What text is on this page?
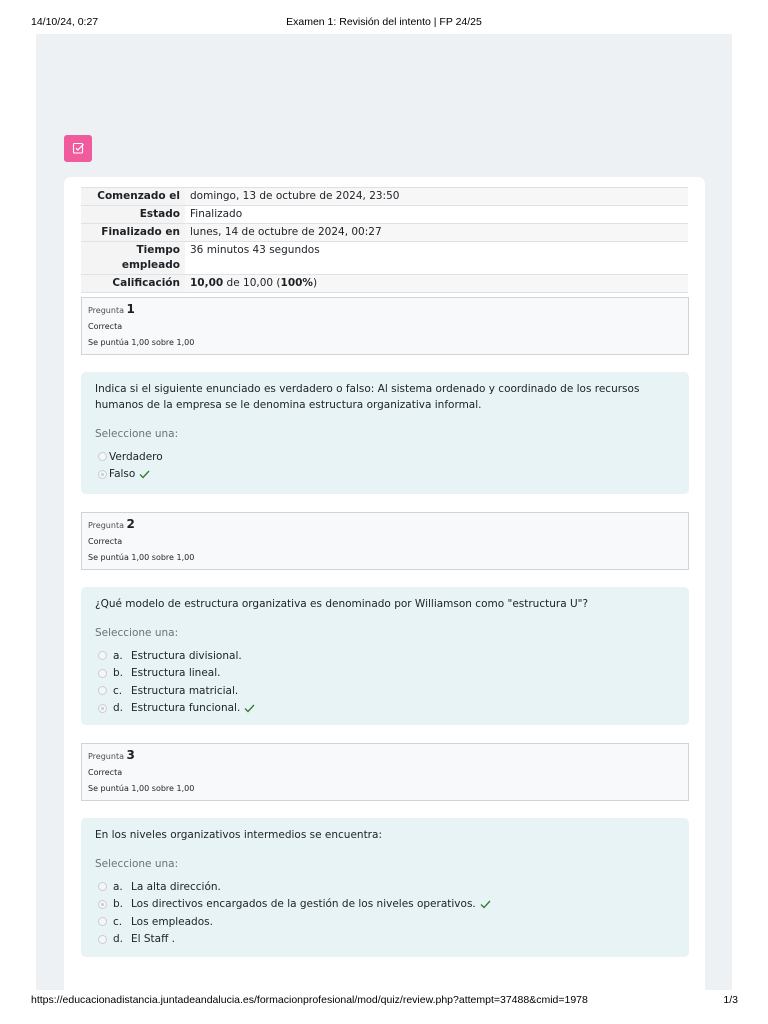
14/10/24, 0:27	Examen 1: Revisión del intento | FP 24/25
Comenzado el	domingo, 13 de octubre de 2024, 23:50
Estado	Finalizado
Finalizado en	lunes, 14 de octubre de 2024, 00:27
Tiempo empleado	36 minutos 43 segundos
Calificación	10,00 de 10,00 (100%)
Pregunta 1
Correcta
Se puntúa 1,00 sobre 1,00
Indica si el siguiente enunciado es verdadero o falso: Al sistema ordenado y coordinado de los recursos humanos de la empresa se le denomina estructura organizativa informal.
Seleccione una:
Verdadero
Falso
Pregunta 2
Correcta
Se puntúa 1,00 sobre 1,00
¿Qué modelo de estructura organizativa es denominado por Williamson como "estructura U"?
Seleccione una:
a. Estructura divisional.
b. Estructura lineal.
c. Estructura matricial.
d. Estructura funcional.
Pregunta 3
Correcta
Se puntúa 1,00 sobre 1,00
En los niveles organizativos intermedios se encuentra:
Seleccione una:
a. La alta dirección.
b. Los directivos encargados de la gestión de los niveles operativos.
c. Los empleados.
d. El Staff .
https://educacionadistancia.juntadeandalucia.es/formacionprofesional/mod/quiz/review.php?attempt=37488&cmid=1978	1/3
